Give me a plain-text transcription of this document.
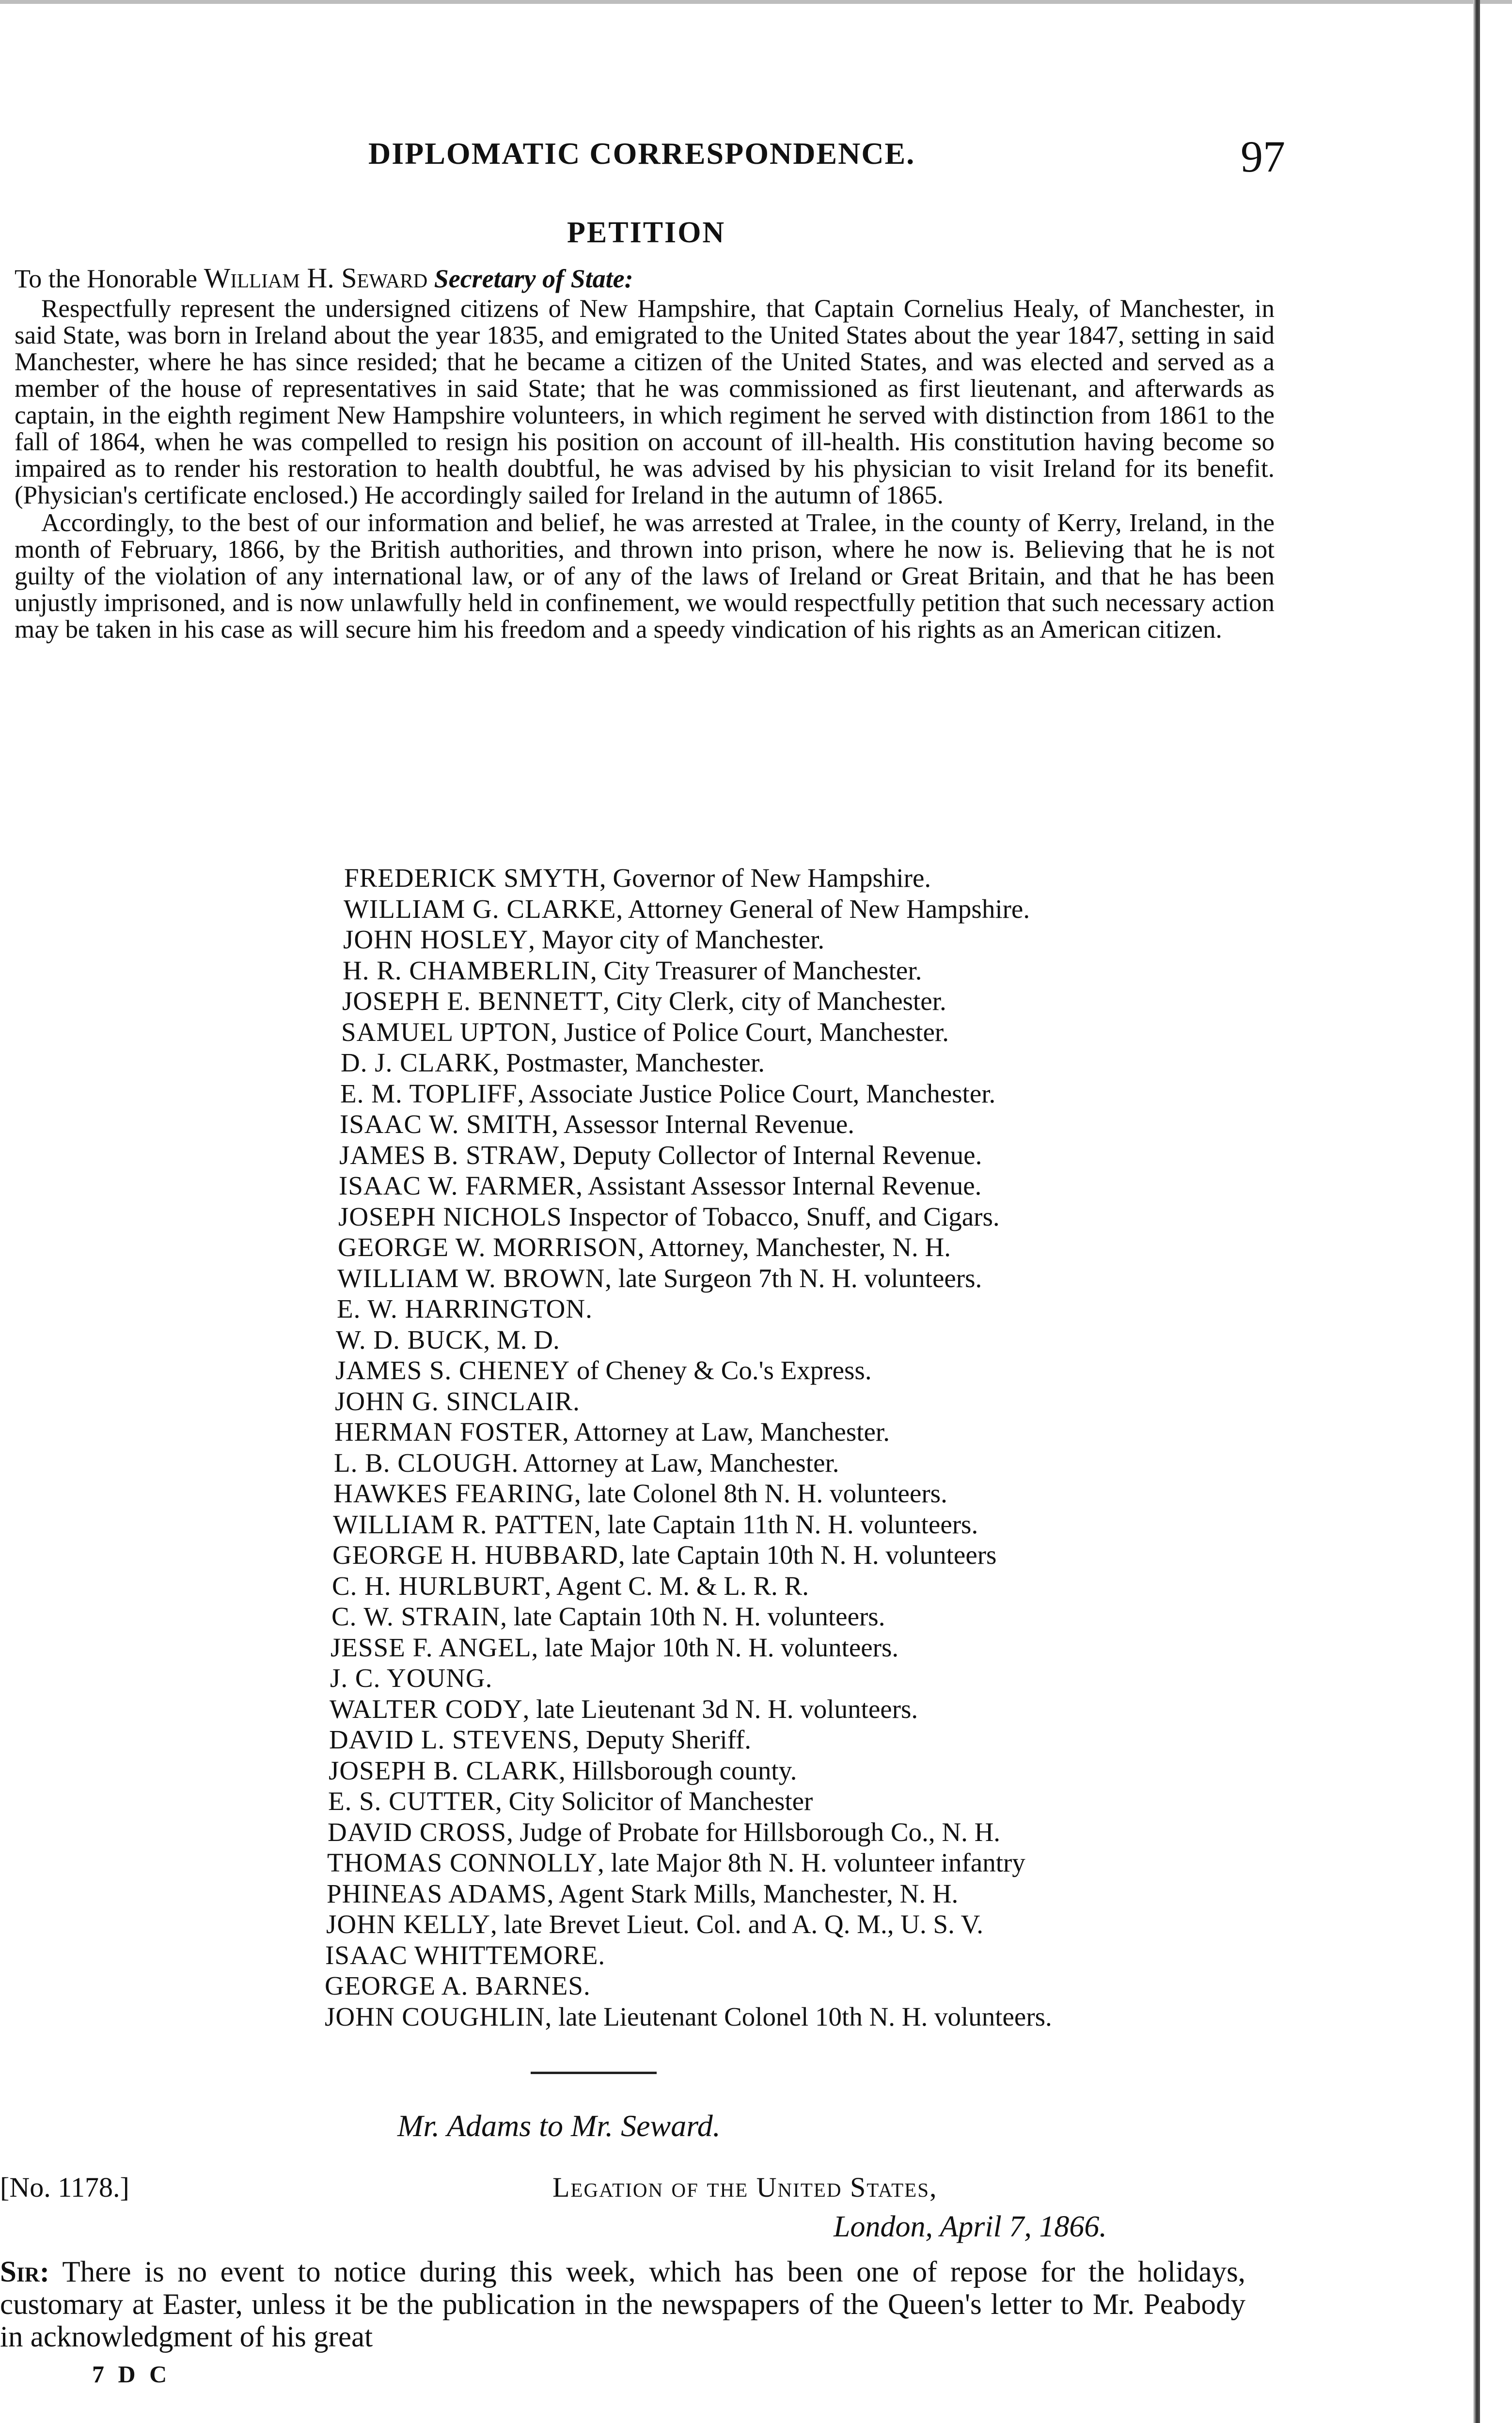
DIPLOMATIC CORRESPONDENCE.	97
PETITION
To the Honorable William H. Seward Secretary of State:

Respectfully represent the undersigned citizens of New Hampshire, that Captain Cornelius Healy, of Manchester, in said State, was born in Ireland about the year 1835, and emigrated to the United States about the year 1847, setting in said Manchester, where he has since resided; that he became a citizen of the United States, and was elected and served as a member of the house of representatives in said State; that he was commissioned as first lieutenant, and afterwards as captain, in the eighth regiment New Hampshire volunteers, in which regiment he served with distinction from 1861 to the fall of 1864, when he was compelled to resign his position on account of ill-health. His constitution having become so impaired as to render his restoration to health doubtful, he was advised by his physician to visit Ireland for its benefit. (Physician's certificate enclosed.) He accordingly sailed for Ireland in the autumn of 1865.

Accordingly, to the best of our information and belief, he was arrested at Tralee, in the county of Kerry, Ireland, in the month of February, 1866, by the British authorities, and thrown into prison, where he now is. Believing that he is not guilty of the violation of any international law, or of any of the laws of Ireland or Great Britain, and that he has been unjustly imprisoned, and is now unlawfully held in confinement, we would respectfully petition that such necessary action may be taken in his case as will secure him his freedom and a speedy vindication of his rights as an American citizen.

FREDERICK SMYTH, Governor of New Hampshire.
WILLIAM G. CLARKE, Attorney General of New Hampshire.
JOHN HOSLEY, Mayor city of Manchester.
H. R. CHAMBERLIN, City Treasurer of Manchester.
JOSEPH E. BENNETT, City Clerk, city of Manchester.
SAMUEL UPTON, Justice of Police Court, Manchester.
D. J. CLARK, Postmaster, Manchester.
E. M. TOPLIFF, Associate Justice Police Court, Manchester.
ISAAC W. SMITH, Assessor Internal Revenue.
JAMES B. STRAW, Deputy Collector of Internal Revenue.
ISAAC W. FARMER, Assistant Assessor Internal Revenue.
JOSEPH NICHOLS Inspector of Tobacco, Snuff, and Cigars.
GEORGE W. MORRISON, Attorney, Manchester, N. H.
WILLIAM W. BROWN, late Surgeon 7th N. H. volunteers.
E. W. HARRINGTON.
W. D. BUCK, M. D.
JAMES S. CHENEY of Cheney & Co.'s Express.
JOHN G. SINCLAIR.
HERMAN FOSTER, Attorney at Law, Manchester.
L. B. CLOUGH. Attorney at Law, Manchester.
HAWKES FEARING, late Colonel 8th N. H. volunteers.
WILLIAM R. PATTEN, late Captain 11th N. H. volunteers.
GEORGE H. HUBBARD, late Captain 10th N. H. volunteers
C. H. HURLBURT, Agent C. M. & L. R. R.
C. W. STRAIN, late Captain 10th N. H. volunteers.
JESSE F. ANGEL, late Major 10th N. H. volunteers.
J. C. YOUNG.
WALTER CODY, late Lieutenant 3d N. H. volunteers.
DAVID L. STEVENS, Deputy Sheriff.
JOSEPH B. CLARK, Hillsborough county.
E. S. CUTTER, City Solicitor of Manchester
DAVID CROSS, Judge of Probate for Hillsborough Co., N. H.
THOMAS CONNOLLY, late Major 8th N. H. volunteer infantry
PHINEAS ADAMS, Agent Stark Mills, Manchester, N. H.
JOHN KELLY, late Brevet Lieut. Col. and A. Q. M., U. S. V.
ISAAC WHITTEMORE.
GEORGE A. BARNES.
JOHN COUGHLIN, late Lieutenant Colonel 10th N. H. volunteers.
Mr. Adams to Mr. Seward.
[No. 1178.]	Legation of the United States,
London, April 7, 1866.
Sir: There is no event to notice during this week, which has been one of repose for the holidays, customary at Easter, unless it be the publication in the newspapers of the Queen's letter to Mr. Peabody in acknowledgment of his great
7 D C
